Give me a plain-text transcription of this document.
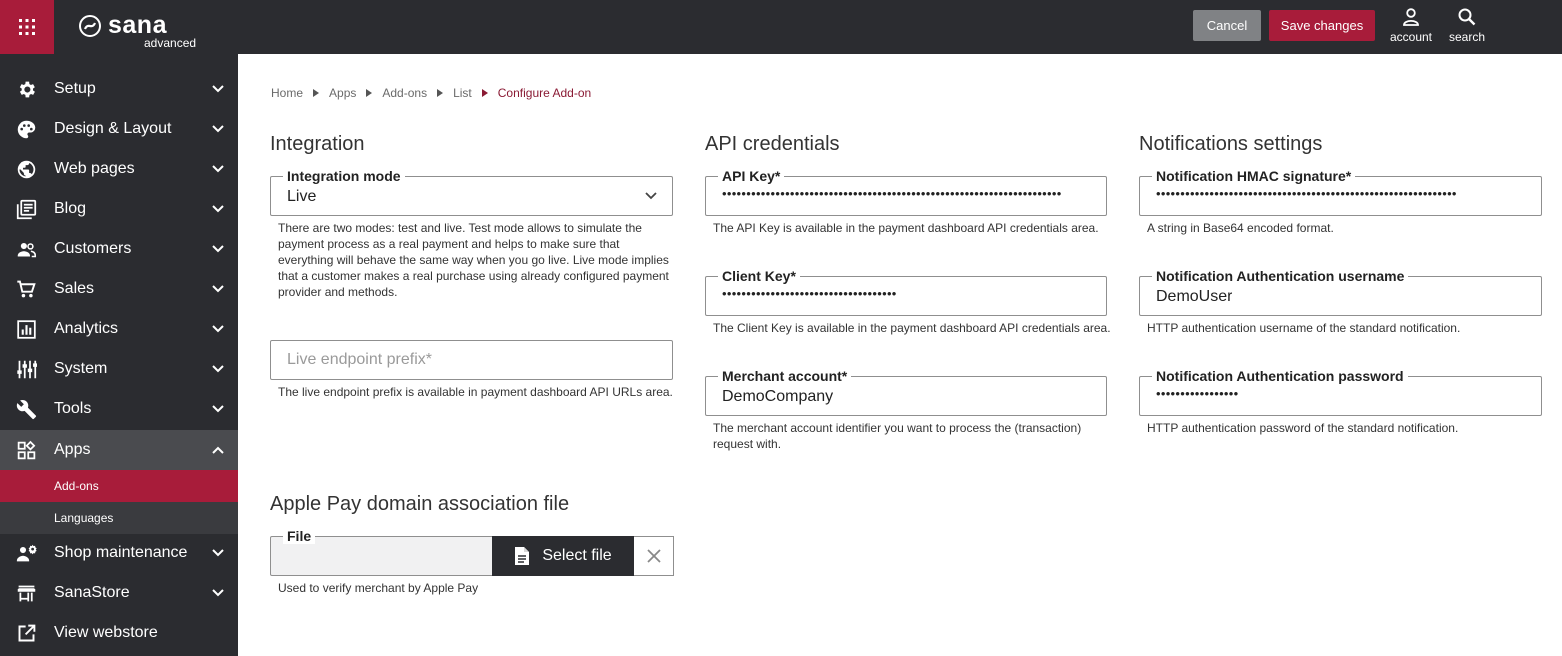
sana
advanced
Cancel	Save changes
account	search
Setup
Design & Layout
Web pages
Blog
Customers
Sales
Analytics
System
Tools
Apps
Add-ons
Languages
Shop maintenance
SanaStore
View webstore
Home Apps Add-ons List Configure Add-on
Integration
Integration mode
Live
There are two modes: test and live. Test mode allows to simulate the
payment process as a real payment and helps to make sure that
everything will behave the same way when you go live. Live mode implies
that a customer makes a real purchase using already configured payment
provider and methods.
Live endpoint prefix*
The live endpoint prefix is available in payment dashboard API URLs area.
API credentials
API Key*
••••••••••••••••••••••••••••••••••••••••••••••••••••••••••••••••••••••
The API Key is available in the payment dashboard API credentials area.
Client Key*
••••••••••••••••••••••••••••••••••••
The Client Key is available in the payment dashboard API credentials area.
Merchant account*
DemoCompany
The merchant account identifier you want to process the (transaction)
request with.
Notifications settings
Notification HMAC signature*
••••••••••••••••••••••••••••••••••••••••••••••••••••••••••••••
A string in Base64 encoded format.
Notification Authentication username
DemoUser
HTTP authentication username of the standard notification.
Notification Authentication password
•••••••••••••••••
HTTP authentication password of the standard notification.
Apple Pay domain association file
File
Select file
Used to verify merchant by Apple Pay
